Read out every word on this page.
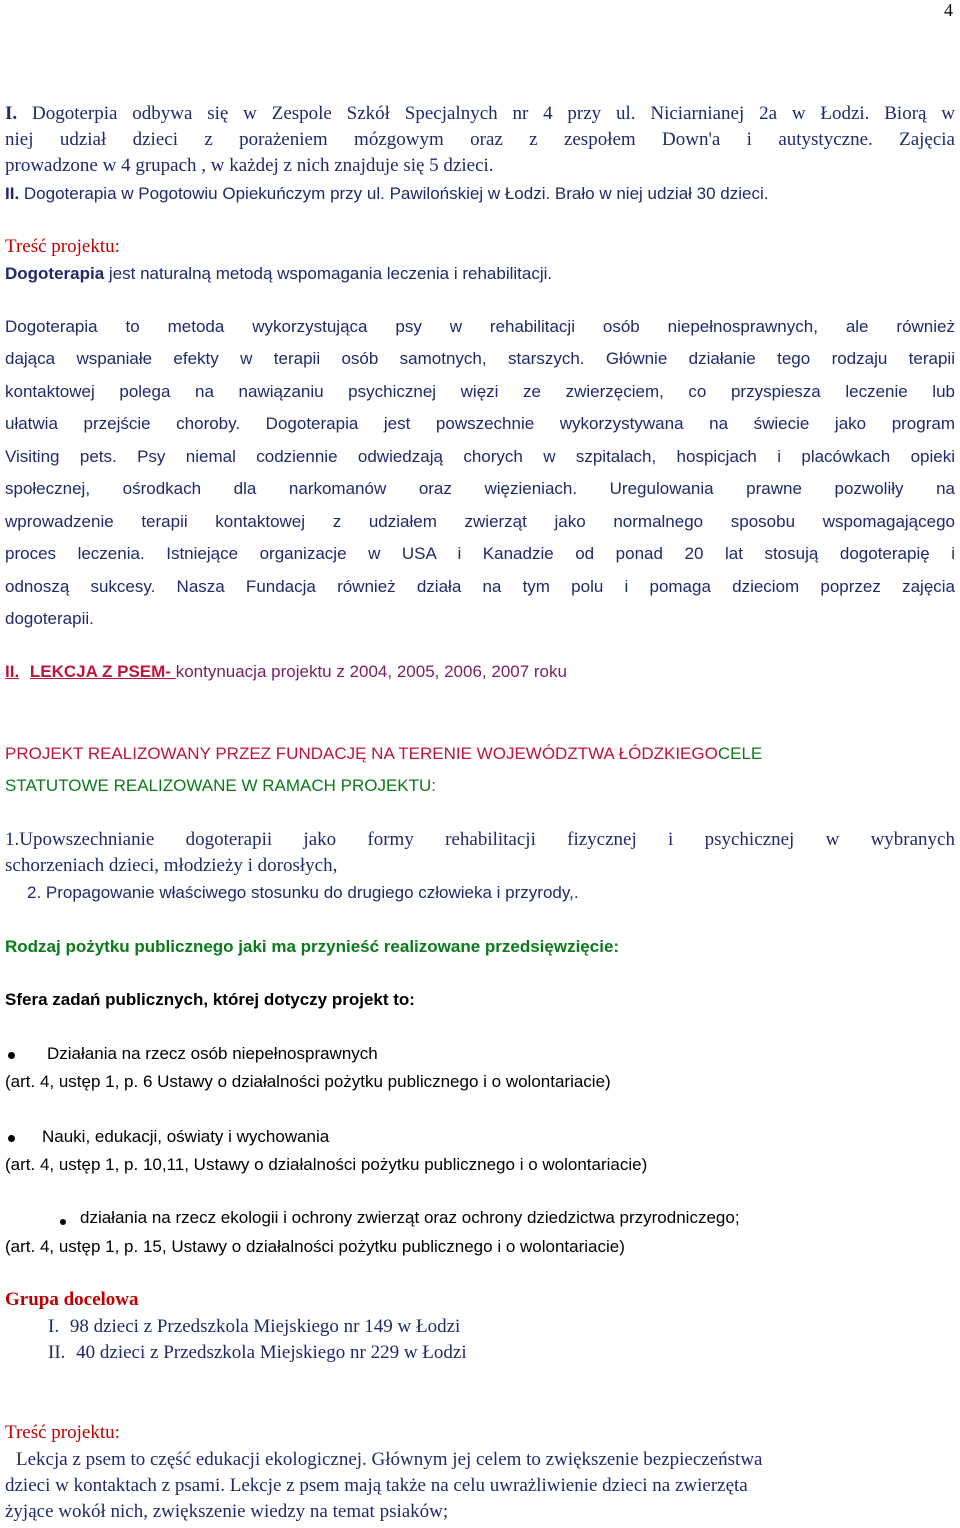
4
I. Dogoterpia odbywa się w Zespole Szkół Specjalnych nr 4 przy ul. Niciarnianej 2a w Łodzi. Biorą w
niej udział dzieci z porażeniem mózgowym oraz z zespołem Down'a i autystyczne. Zajęcia
prowadzone w 4 grupach , w każdej z nich znajduje się 5 dzieci.
II. Dogoterapia w Pogotowiu Opiekuńczym przy ul. Pawilońskiej w Łodzi. Brało w niej udział 30 dzieci.
Treść projektu:
Dogoterapia jest naturalną metodą wspomagania leczenia i rehabilitacji.
Dogoterapia to metoda wykorzystująca psy w rehabilitacji osób niepełnosprawnych, ale również
dająca wspaniałe efekty w terapii osób samotnych, starszych. Głównie działanie tego rodzaju terapii
kontaktowej polega na nawiązaniu psychicznej więzi ze zwierzęciem, co przyspiesza leczenie lub
ułatwia przejście choroby. Dogoterapia jest powszechnie wykorzystywana na świecie jako program
Visiting pets. Psy niemal codziennie odwiedzają chorych w szpitalach, hospicjach i placówkach opieki
społecznej, ośrodkach dla narkomanów oraz więzieniach. Uregulowania prawne pozwoliły na
wprowadzenie terapii kontaktowej z udziałem zwierząt jako normalnego sposobu wspomagającego
proces leczenia. Istniejące organizacje w USA i Kanadzie od ponad 20 lat stosują dogoterapię i
odnoszą sukcesy. Nasza Fundacja również działa na tym polu i pomaga dzieciom poprzez zajęcia
dogoterapii.
II. LEKCJA Z PSEM- kontynuacja projektu z 2004, 2005, 2006, 2007 roku
PROJEKT REALIZOWANY PRZEZ FUNDACJĘ NA TERENIE WOJEWÓDZTWA ŁÓDZKIEGOCELE
STATUTOWE REALIZOWANE W RAMACH PROJEKTU:
1.Upowszechnianie dogoterapii jako formy rehabilitacji fizycznej i psychicznej w wybranych
schorzeniach dzieci, młodzieży i dorosłych,
2. Propagowanie właściwego stosunku do drugiego człowieka i przyrody,.
Rodzaj pożytku publicznego jaki ma przynieść realizowane przedsięwzięcie:
Sfera zadań publicznych, której dotyczy projekt to:
Działania na rzecz osób niepełnosprawnych
(art. 4, ustęp 1, p. 6 Ustawy o działalności pożytku publicznego i o wolontariacie)
Nauki, edukacji, oświaty i wychowania
(art. 4, ustęp 1, p. 10,11, Ustawy o działalności pożytku publicznego i o wolontariacie)
działania na rzecz ekologii i ochrony zwierząt oraz ochrony dziedzictwa przyrodniczego;
(art. 4, ustęp 1, p. 15, Ustawy o działalności pożytku publicznego i o wolontariacie)
Grupa docelowa
I. 98 dzieci z Przedszkola Miejskiego nr 149 w Łodzi
II. 40 dzieci z Przedszkola Miejskiego nr 229 w Łodzi
Treść projektu:
Lekcja z psem to część edukacji ekologicznej. Głównym jej celem to zwiększenie bezpieczeństwa
dzieci w kontaktach z psami. Lekcje z psem mają także na celu uwrażliwienie dzieci na zwierzęta
żyjące wokół nich, zwiększenie wiedzy na temat psiaków;
